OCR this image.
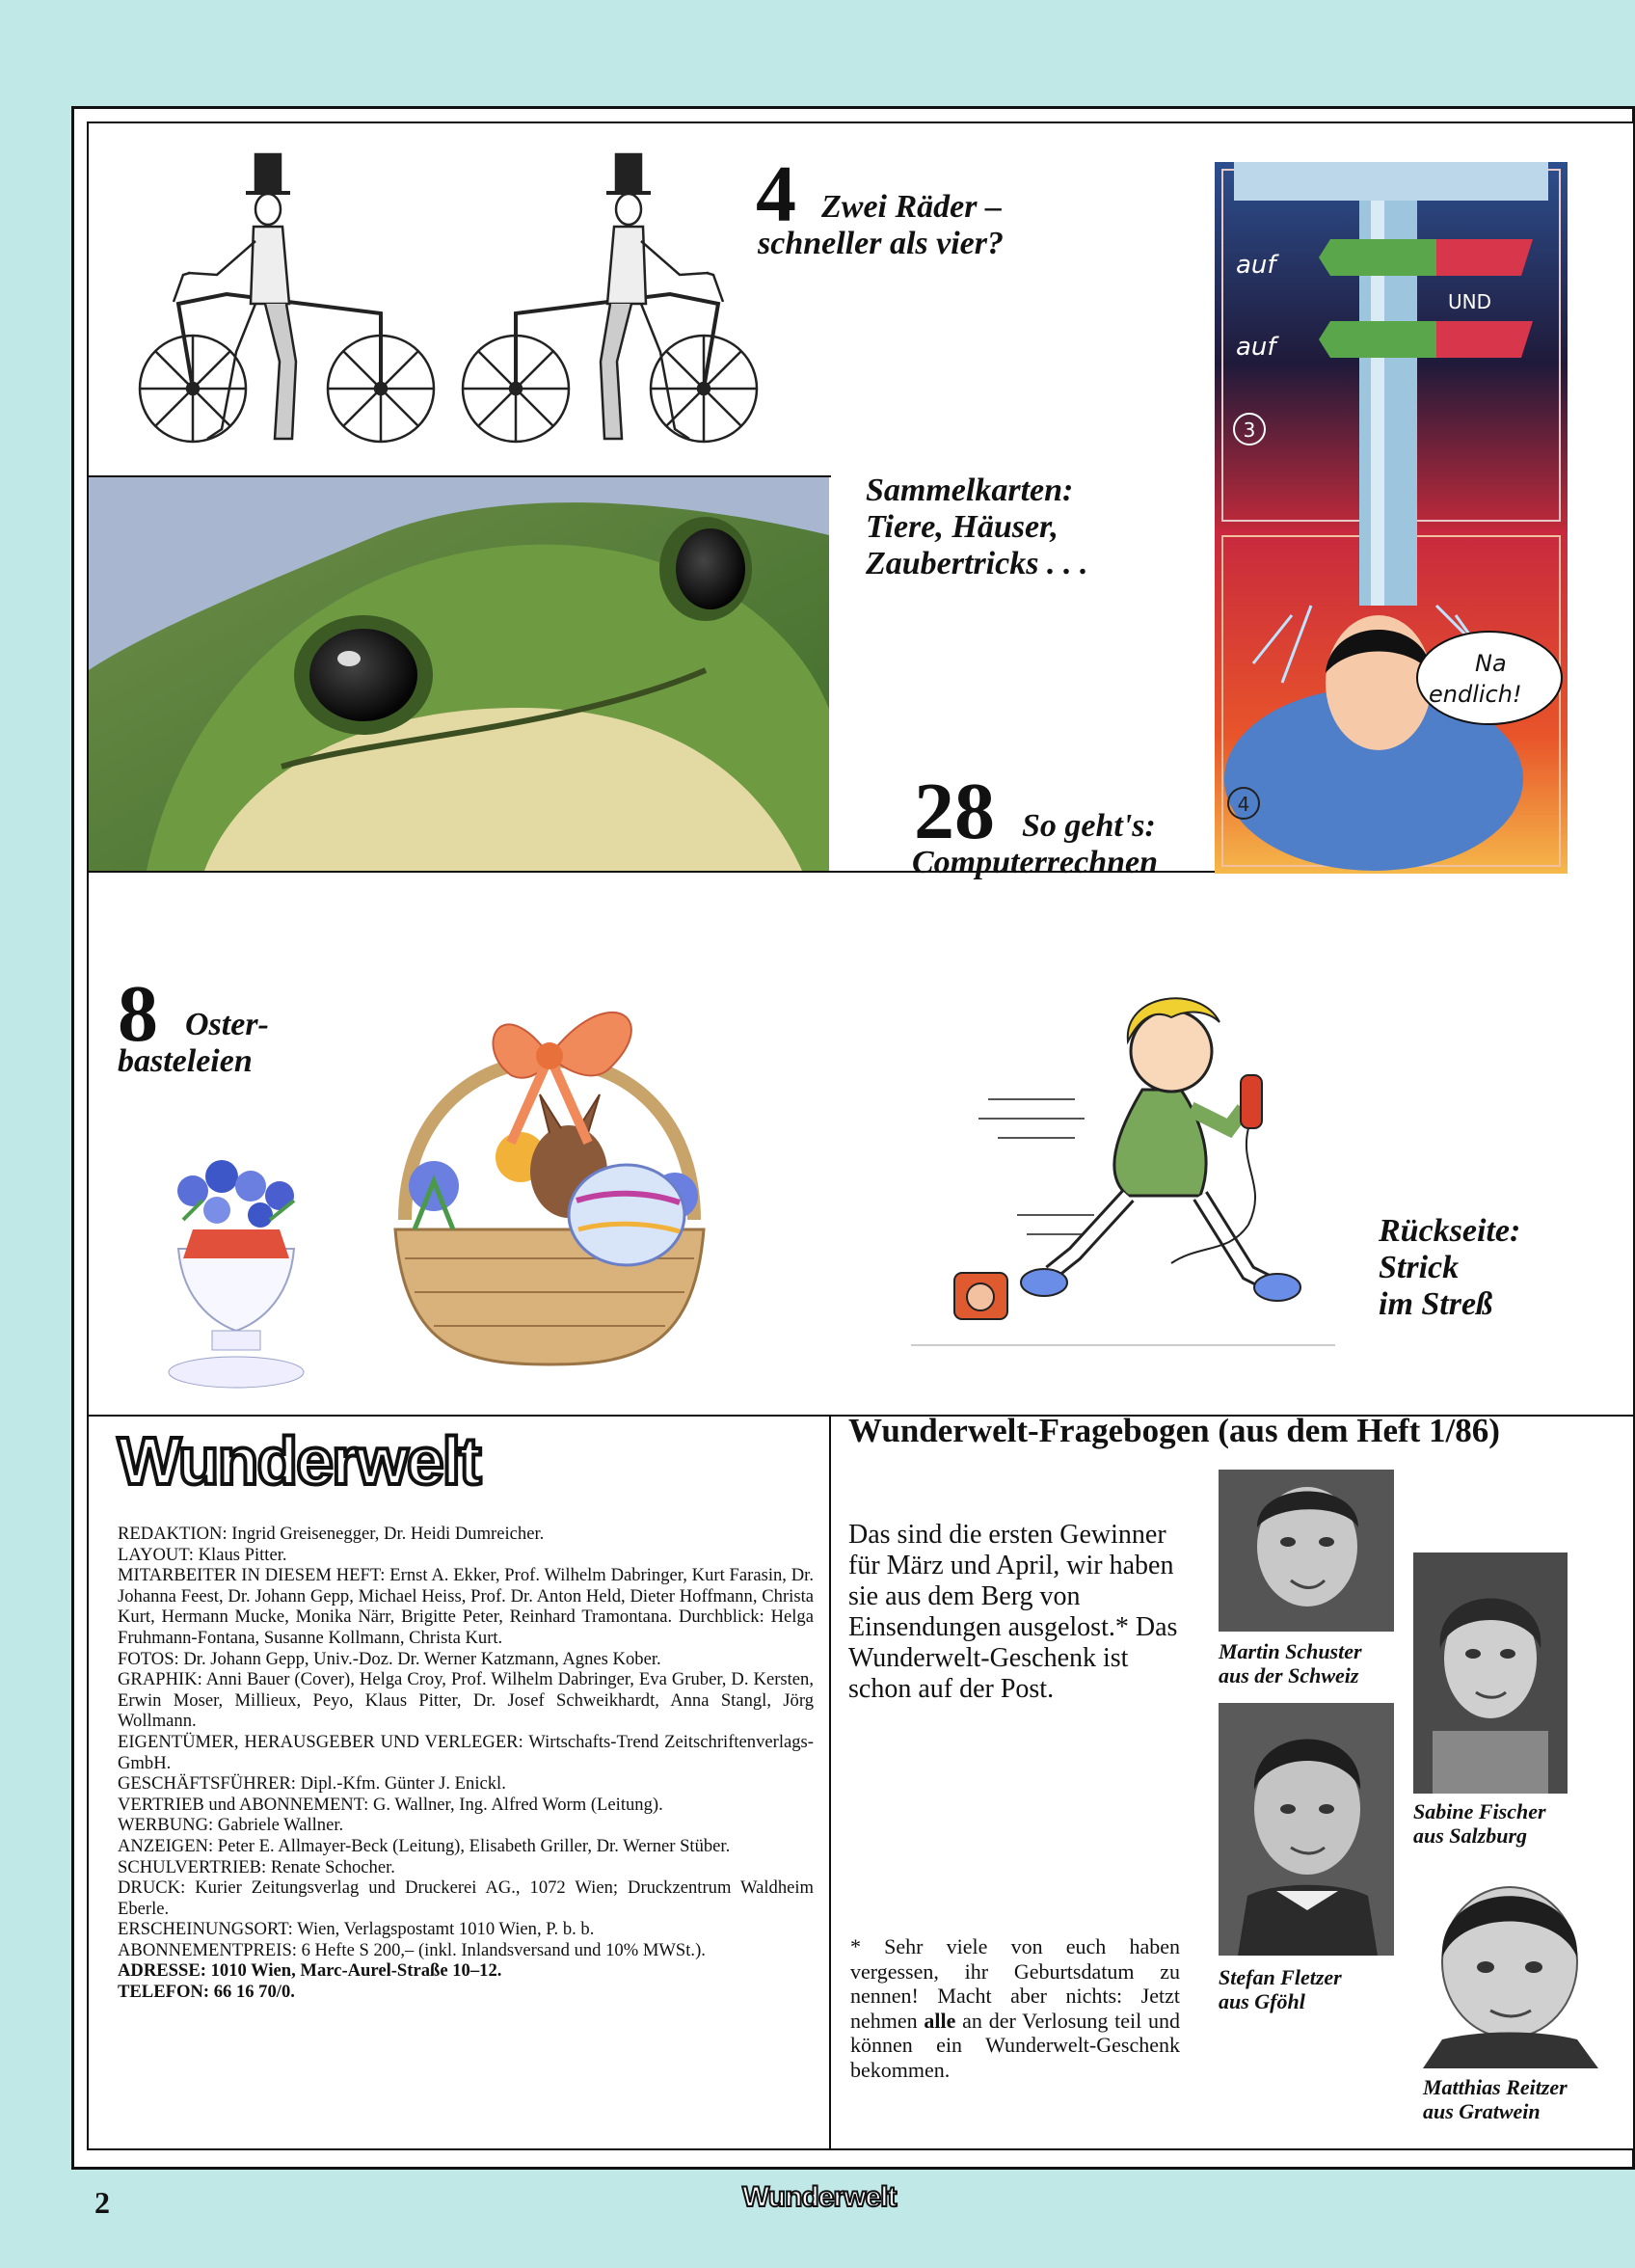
4 Zwei Räder –
schneller als vier?
Sammelkarten:
Tiere, Häuser,
Zaubertricks . . .
auf
UND
auf
3
Na
endlich!
4
28 So geht's:
Computerrechnen
8 Oster-
basteleien
Rückseite:
Strick
im Streß
Wunderwelt

REDAKTION: Ingrid Greisenegger, Dr. Heidi Dumreicher.

LAYOUT: Klaus Pitter.

MITARBEITER IN DIESEM HEFT: Ernst A. Ekker, Prof. Wilhelm Dabringer, Kurt Farasin, Dr. Johanna Feest, Dr. Johann Gepp, Michael Heiss, Prof. Dr. Anton Held, Dieter Hoffmann, Christa Kurt, Hermann Mucke, Monika Närr, Brigitte Peter, Reinhard Tramontana. Durchblick: Helga Fruhmann-Fontana, Susanne Kollmann, Christa Kurt.

FOTOS: Dr. Johann Gepp, Univ.-Doz. Dr. Werner Katzmann, Agnes Kober.

GRAPHIK: Anni Bauer (Cover), Helga Croy, Prof. Wilhelm Dabringer, Eva Gruber, D. Kersten, Erwin Moser, Millieux, Peyo, Klaus Pitter, Dr. Josef Schweikhardt, Anna Stangl, Jörg Wollmann.

EIGENTÜMER, HERAUSGEBER UND VERLEGER: Wirtschafts-Trend Zeitschriftenverlags-GmbH.

GESCHÄFTSFÜHRER: Dipl.-Kfm. Günter J. Enickl.

VERTRIEB und ABONNEMENT: G. Wallner, Ing. Alfred Worm (Leitung).

WERBUNG: Gabriele Wallner.

ANZEIGEN: Peter E. Allmayer-Beck (Leitung), Elisabeth Griller, Dr. Werner Stüber.

SCHULVERTRIEB: Renate Schocher.

DRUCK: Kurier Zeitungsverlag und Druckerei AG., 1072 Wien; Druckzentrum Waldheim Eberle.

ERSCHEINUNGSORT: Wien, Verlagspostamt 1010 Wien, P. b. b.

ABONNEMENTPREIS: 6 Hefte S 200,– (inkl. Inlandsversand und 10% MWSt.).

ADRESSE: 1010 Wien, Marc-Aurel-Straße 10–12.

TELEFON: 66 16 70/0.

Wunderwelt-Fragebogen (aus dem Heft 1/86)
Das sind die ersten Gewinner für März und April, wir haben sie aus dem Berg von Einsendungen ausgelost.* Das Wunderwelt-Geschenk ist schon auf der Post.
* Sehr viele von euch haben vergessen, ihr Geburtsdatum zu nennen! Macht aber nichts: Jetzt nehmen alle an der Verlosung teil und können ein Wunderwelt-Geschenk bekommen.
Martin Schuster
aus der Schweiz
Sabine Fischer
aus Salzburg
Stefan Fletzer
aus Gföhl
Matthias Reitzer
aus Gratwein
2	Wunderwelt
